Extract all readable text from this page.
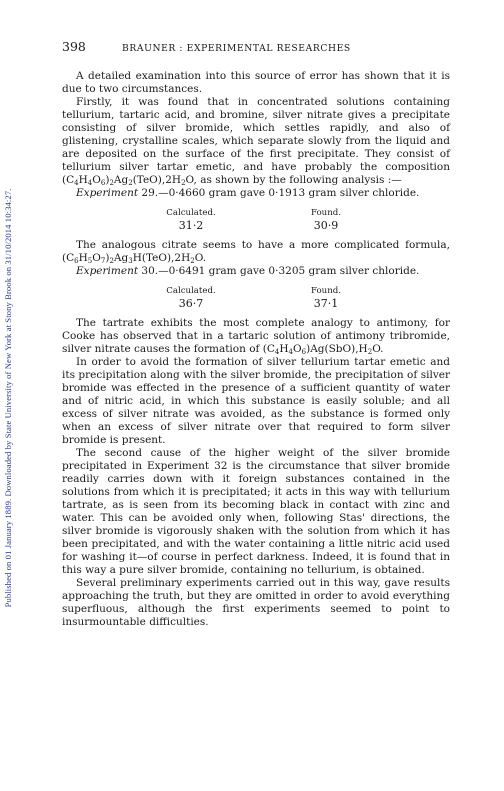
Published on 01 January 1889. Downloaded by State University of New York at Stony Brook on 31/10/2014 10:34:27.
398	BRAUNER : EXPERIMENTAL RESEARCHES

A detailed examination into this source of error has shown that it is due to two circumstances.

Firstly, it was found that in concentrated solutions containing tellurium, tartaric acid, and bromine, silver nitrate gives a precipitate consisting of silver bromide, which settles rapidly, and also of glistening, crystalline scales, which separate slowly from the liquid and are deposited on the surface of the first precipitate. They consist of tellurium silver tartar emetic, and have probably the composition $(C_4H_4O_6)_2Ag_2(TeO),2H_2O$, as shown by the following analysis :—

Experiment 29.—0·4660 gram gave 0·1913 gram silver chloride.

Calculated.
31·2
Found.
30·9

The analogous citrate seems to have a more complicated formula, $(C_6H_5O_7)_2Ag_3H(TeO),2H_2O$.

Experiment 30.—0·6491 gram gave 0·3205 gram silver chloride.

Calculated.
36·7
Found.
37·1

The tartrate exhibits the most complete analogy to antimony, for Cooke has observed that in a tartaric solution of antimony tribromide, silver nitrate causes the formation of $(C_4H_4O_6)Ag(SbO),H_2O$.

In order to avoid the formation of silver tellurium tartar emetic and its precipitation along with the silver bromide, the precipitation of silver bromide was effected in the presence of a sufficient quantity of water and of nitric acid, in which this substance is easily soluble; and all excess of silver nitrate was avoided, as the substance is formed only when an excess of silver nitrate over that required to form silver bromide is present.

The second cause of the higher weight of the silver bromide precipitated in Experiment 32 is the circumstance that silver bromide readily carries down with it foreign substances contained in the solutions from which it is precipitated; it acts in this way with tellurium tartrate, as is seen from its becoming black in contact with zinc and water. This can be avoided only when, following Stas' directions, the silver bromide is vigorously shaken with the solution from which it has been precipitated, and with the water containing a little nitric acid used for washing it—of course in perfect darkness. Indeed, it is found that in this way a pure silver bromide, containing no tellurium, is obtained.

Several preliminary experiments carried out in this way, gave results approaching the truth, but they are omitted in order to avoid everything superfluous, although the first experiments seemed to point to insurmountable difficulties.
